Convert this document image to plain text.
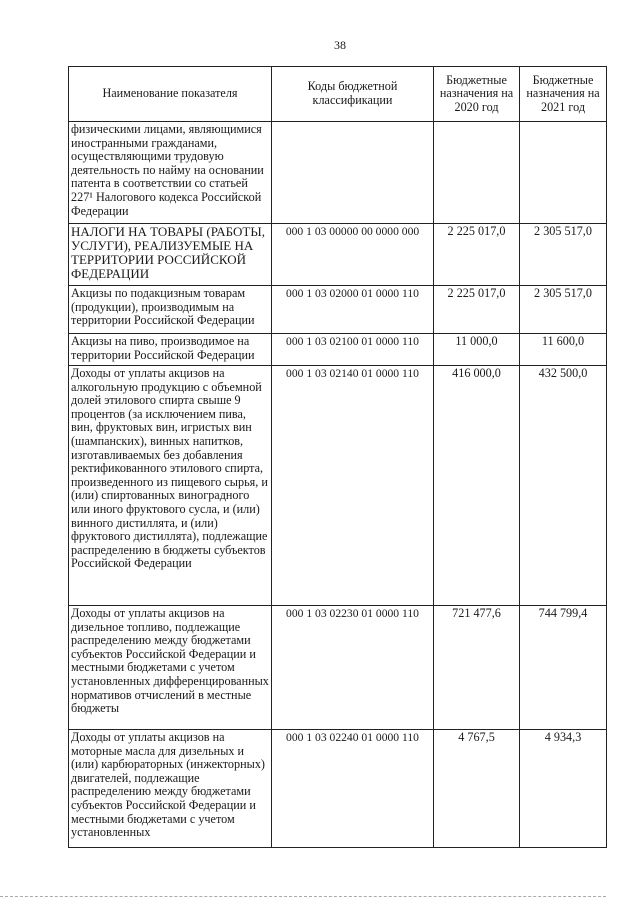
38
Наименование показателя	Коды бюджетной классификации	Бюджетные назначения на 2020 год	Бюджетные назначения на 2021 год
физическими лицами, являющимися иностранными гражданами, осуществляющими трудовую деятельность по найму на основании патента в соответствии со статьей 227¹ Налогового кодекса Российской Федерации			
НАЛОГИ НА ТОВАРЫ (РАБОТЫ, УСЛУГИ), РЕАЛИЗУЕМЫЕ НА ТЕРРИТОРИИ РОССИЙСКОЙ ФЕДЕРАЦИИ	000 1 03 00000 00 0000 000	2 225 017,0	2 305 517,0
Акцизы по подакцизным товарам (продукции), производимым на территории Российской Федерации	000 1 03 02000 01 0000 110	2 225 017,0	2 305 517,0
Акцизы на пиво, производимое на территории Российской Федерации	000 1 03 02100 01 0000 110	11 000,0	11 600,0
Доходы от уплаты акцизов на алкогольную продукцию с объемной долей этилового спирта свыше 9 процентов (за исключением пива, вин, фруктовых вин, игристых вин (шампанских), винных напитков, изготавливаемых без добавления ректификованного этилового спирта, произведенного из пищевого сырья, и (или) спиртованных виноградного или иного фруктового сусла, и (или) винного дистиллята, и (или) фруктового дистиллята), подлежащие распределению в бюджеты субъектов Российской Федерации	000 1 03 02140 01 0000 110	416 000,0	432 500,0
Доходы от уплаты акцизов на дизельное топливо, подлежащие распределению между бюджетами субъектов Российской Федерации и местными бюджетами с учетом установленных дифференцированных нормативов отчислений в местные бюджеты	000 1 03 02230 01 0000 110	721 477,6	744 799,4
Доходы от уплаты акцизов на моторные масла для дизельных и (или) карбюраторных (инжекторных) двигателей, подлежащие распределению между бюджетами субъектов Российской Федерации и местными бюджетами с учетом установленных	000 1 03 02240 01 0000 110	4 767,5	4 934,3
